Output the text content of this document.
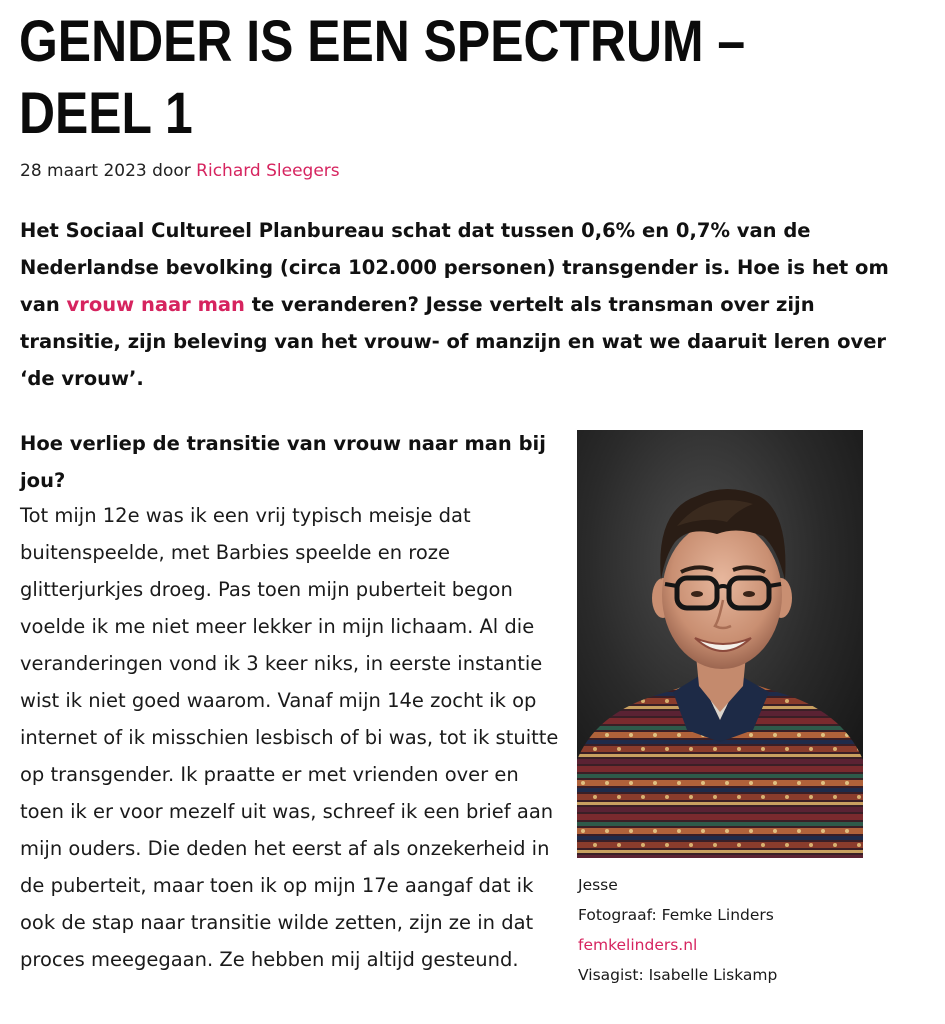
GENDER IS EEN SPECTRUM – DEEL 1
28 maart 2023 door Richard Sleegers

Het Sociaal Cultureel Planbureau schat dat tussen 0,6% en 0,7% van de Nederlandse bevolking (circa 102.000 personen) transgender is. Hoe is het om van vrouw naar man te veranderen? Jesse vertelt als transman over zijn transitie, zijn beleving van het vrouw- of manzijn en wat we daaruit leren over ‘de vrouw’.

Hoe verliep de transitie van vrouw naar man bij jou?

Tot mijn 12e was ik een vrij typisch meisje dat buitenspeelde, met Barbies speelde en roze glitterjurkjes droeg. Pas toen mijn puberteit begon voelde ik me niet meer lekker in mijn lichaam. Al die veranderingen vond ik 3 keer niks, in eerste instantie wist ik niet goed waarom. Vanaf mijn 14e zocht ik op internet of ik misschien lesbisch of bi was, tot ik stuitte op transgender. Ik praatte er met vrienden over en toen ik er voor mezelf uit was, schreef ik een brief aan mijn ouders. Die deden het eerst af als onzekerheid in de puberteit, maar toen ik op mijn 17e aangaf dat ik ook de stap naar transitie wilde zetten, zijn ze in dat proces meegegaan. Ze hebben mij altijd gesteund.

Jesse
Fotograaf: Femke Linders
femkelinders.nl
Visagist: Isabelle Liskamp
